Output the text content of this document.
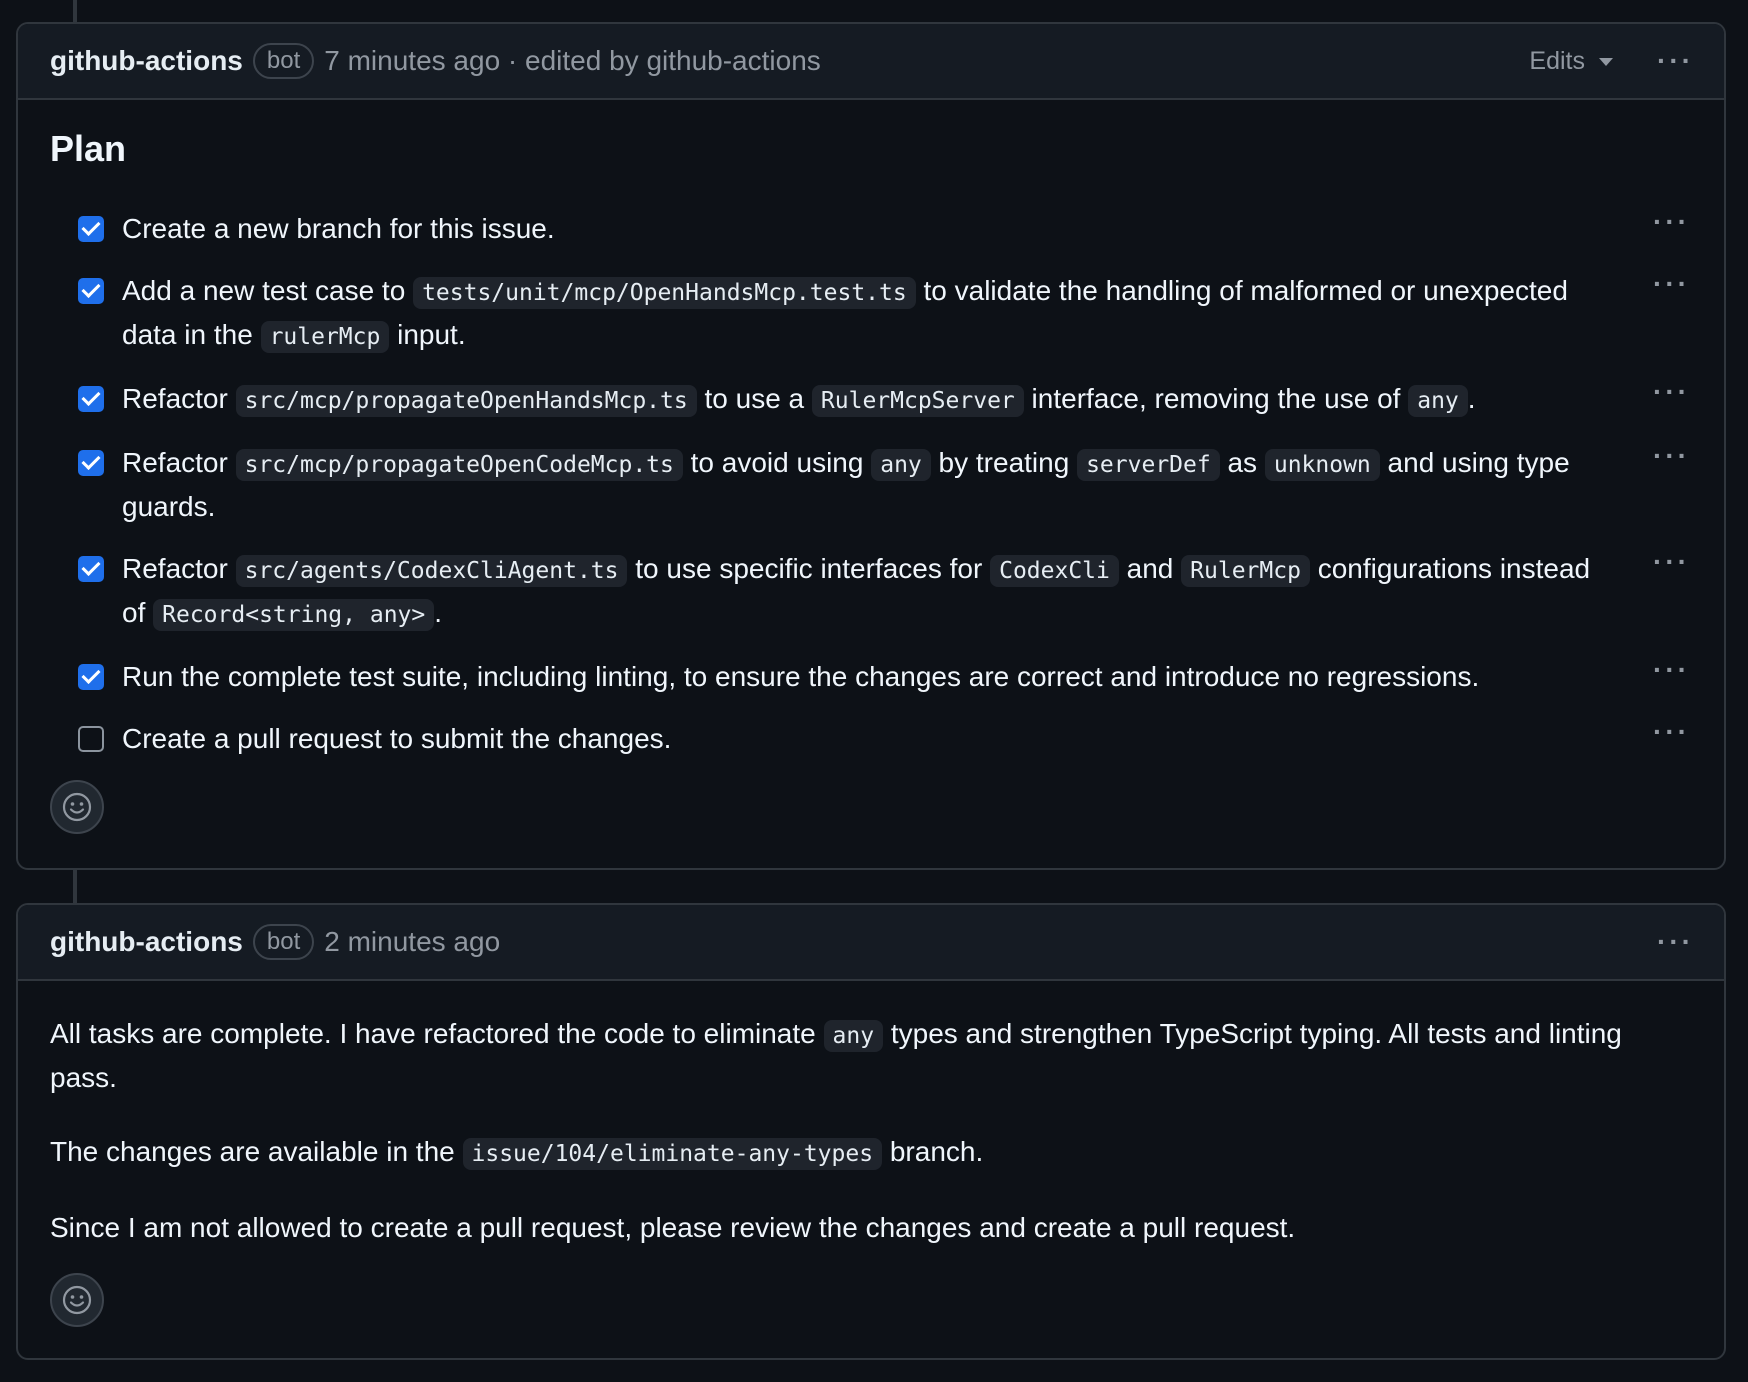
github-actions	bot 7 minutes ago · edited by github-actions	Edits	···
Plan
Create a new branch for this issue.	···
Add a new test case to tests/unit/mcp/OpenHandsMcp.test.ts to validate the handling of malformed or unexpected data in the rulerMcp input.
···
Refactor src/mcp/propagateOpenHandsMcp.ts to use a RulerMcpServer interface, removing the use of any .	···
Refactor src/mcp/propagateOpenCodeMcp.ts to avoid using any by treating serverDef as unknown and using type guards.
···
Refactor src/agents/CodexCliAgent.ts to use specific interfaces for CodexCli and RulerMcp configurations instead of Record<string, any> .
···
Run the complete test suite, including linting, to ensure the changes are correct and introduce no regressions.	···
Create a pull request to submit the changes.	···
github-actions	bot 2 minutes ago	···

All tasks are complete. I have refactored the code to eliminate any types and strengthen TypeScript typing. All tests and linting pass.

The changes are available in the issue/104/eliminate-any-types branch.

Since I am not allowed to create a pull request, please review the changes and create a pull request.
